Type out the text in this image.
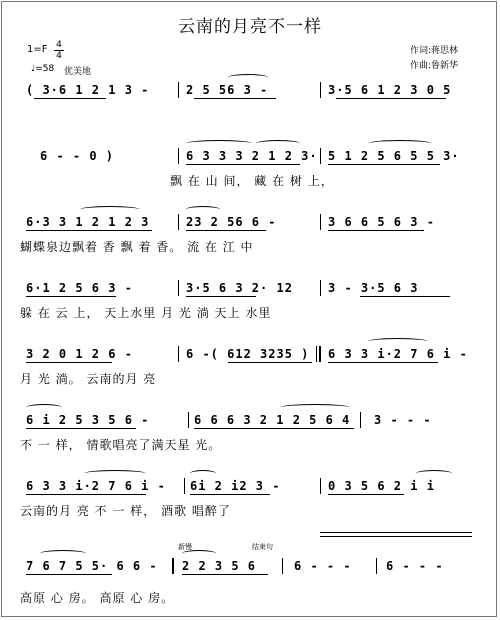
云南的月亮不一样
1=F 4
4
♩=58 优美地
作词:蒋思林
作曲:鲁新华
( 3·6 1 2 1 3 -	2 5 56 3 -	3·5 6 1 2 3 0 5
6 - - 0 )	6 3 3 3 2 1 2 3· 5 1 2 5 6 5 5 3·
飘 在 山 间， 藏 在 树 上，
6·3 3 1 2 1 2 3	23 2 56 6 -	3 6 6 5 6 3 -
蝴蝶泉边飘着 香 飘 着 香。 流 在 江 中
6·1 2 5 6 3 -	3·5 6 3 2· 12	3 - 3·5 6 3
躲 在 云 上， 天上水里 月 光 淌 天上 水里
3 2 0 1 2 6 -	6 -( 612 3235 ) 6 3 3 i·2 7 6 i -
月 光 淌。 云南的月 亮
6 i 2 5 3 5 6 -	6 6 6 3 2 1 2 5 6 4 3 - - -
不 一 样， 情歌唱亮了满天星 光。
6 3 3 i·2 7 6 i - 6i 2 i2 3 -	0 3 5 6 2 i i
云南的月 亮 不 一 样， 酒歌 唱醉了
新慢	结束句
7 6 7 5 5· 6 6 - 2 2 3 5 6	6 - - -	6 - - -
高原 心 房。 高原 心 房。
